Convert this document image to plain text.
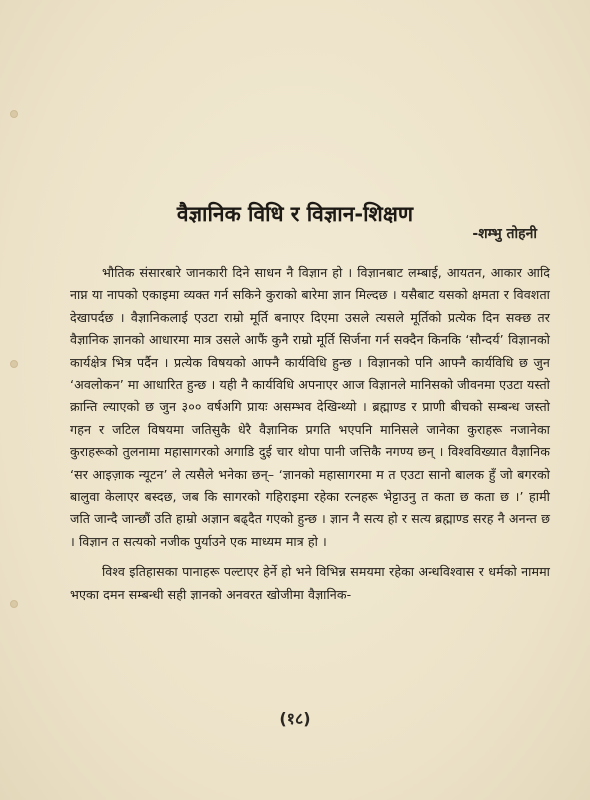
वैज्ञानिक विधि र विज्ञान-शिक्षण
-शम्भु तोहनी

भौतिक संसारबारे जानकारी दिने साधन नै विज्ञान हो । विज्ञानबाट लम्बाई, आयतन, आकार आदि नाप्न या नापको एकाइमा व्यक्त गर्न सकिने कुराको बारेमा ज्ञान मिल्दछ । यसैबाट यसको क्षमता र विवशता देखापर्दछ । वैज्ञानिकलाई एउटा राम्रो मूर्ति बनाएर दिएमा उसले त्यसले मूर्तिको प्रत्येक दिन सक्छ तर वैज्ञानिक ज्ञानको आधारमा मात्र उसले आफैं कुनै राम्रो मूर्ति सिर्जना गर्न सक्दैन किनकि ‘सौन्दर्य’ विज्ञानको कार्यक्षेत्र भित्र पर्दैन । प्रत्येक विषयको आफ्नै कार्यविधि हुन्छ । विज्ञानको पनि आफ्नै कार्यविधि छ जुन ‘अवलोकन’ मा आधारित हुन्छ । यही नै कार्यविधि अपनाएर आज विज्ञानले मानिसको जीवनमा एउटा यस्तो क्रान्ति ल्याएको छ जुन ३०० वर्षअगि प्रायः असम्भव देखिन्थ्यो । ब्रह्माण्ड र प्राणी बीचको सम्बन्ध जस्तो गहन र जटिल विषयमा जतिसुकै धेरै वैज्ञानिक प्रगति भएपनि मानिसले जानेका कुराहरू नजानेका कुराहरूको तुलनामा महासागरको अगाडि दुई चार थोपा पानी जत्तिकै नगण्य छन् । विश्वविख्यात वैज्ञानिक ‘सर आइज़ाक न्यूटन’ ले त्यसैले भनेका छन्– ‘ज्ञानको महासागरमा म त एउटा सानो बालक हुँ जो बगरको बालुवा केलाएर बस्दछ, जब कि सागरको गहिराइमा रहेका रत्नहरू भेट्टाउनु त कता छ कता छ ।’ हामी जति जान्दै जान्छौं उति हाम्रो अज्ञान बढ्दैत गएको हुन्छ । ज्ञान नै सत्य हो र सत्य ब्रह्माण्ड सरह नै अनन्त छ । विज्ञान त सत्यको नजीक पुर्याउने एक माध्यम मात्र हो ।

विश्व इतिहासका पानाहरू पल्टाएर हेर्ने हो भने विभिन्न समयमा रहेका अन्धविश्वास र धर्मको नाममा भएका दमन सम्बन्धी सही ज्ञानको अनवरत खोजीमा वैज्ञानिक-

(१८)
